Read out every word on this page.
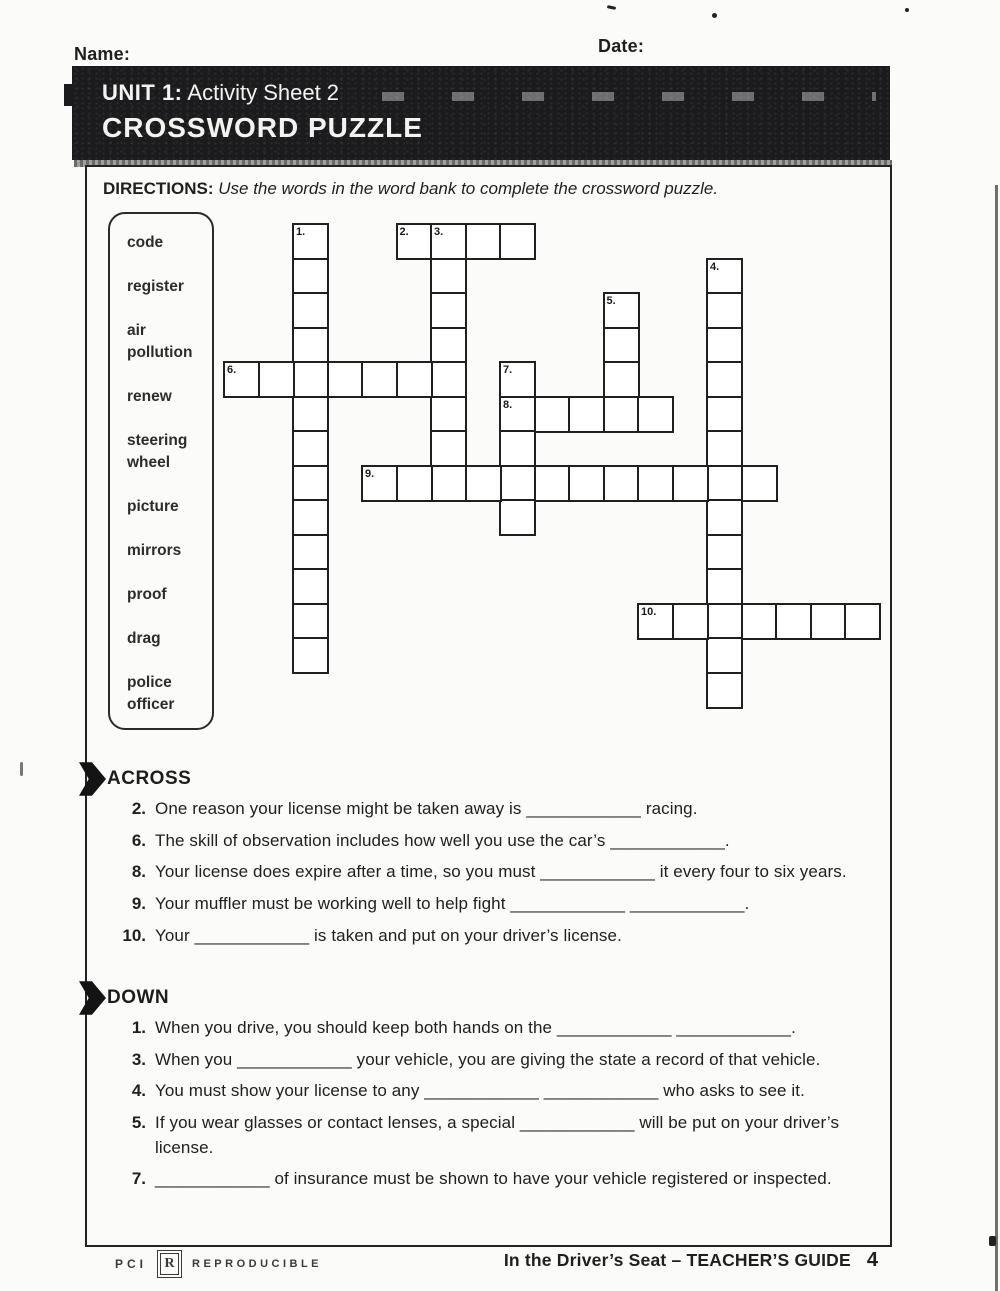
Name:	Date:
UNIT 1: Activity Sheet 2
CROSSWORD PUZZLE
DIRECTIONS: Use the words in the word bank to complete the crossword puzzle.
code
register
air pollution
renew
steering wheel
picture
mirrors
proof
drag
police officer
1.	2. 3.
4.
5.
6.	7.
8.
9.
10.
ACROSS
2. One reason your license might be taken away is ____________ racing.
6. The skill of observation includes how well you use the car’s ____________.
8. Your license does expire after a time, so you must ____________ it every four to six years.
9. Your muffler must be working well to help fight ____________ ____________.
10. Your ____________ is taken and put on your driver’s license.
DOWN
1. When you drive, you should keep both hands on the ____________ ____________.
3. When you ____________ your vehicle, you are giving the state a record of that vehicle.
4. You must show your license to any ____________ ____________ who asks to see it.
5. If you wear glasses or contact lenses, a special ____________ will be put on your driver’s license.
7. ____________ of insurance must be shown to have your vehicle registered or inspected.
PCI	R	REPRODUCIBLE	In the Driver’s Seat – TEACHER’S GUIDE 4
